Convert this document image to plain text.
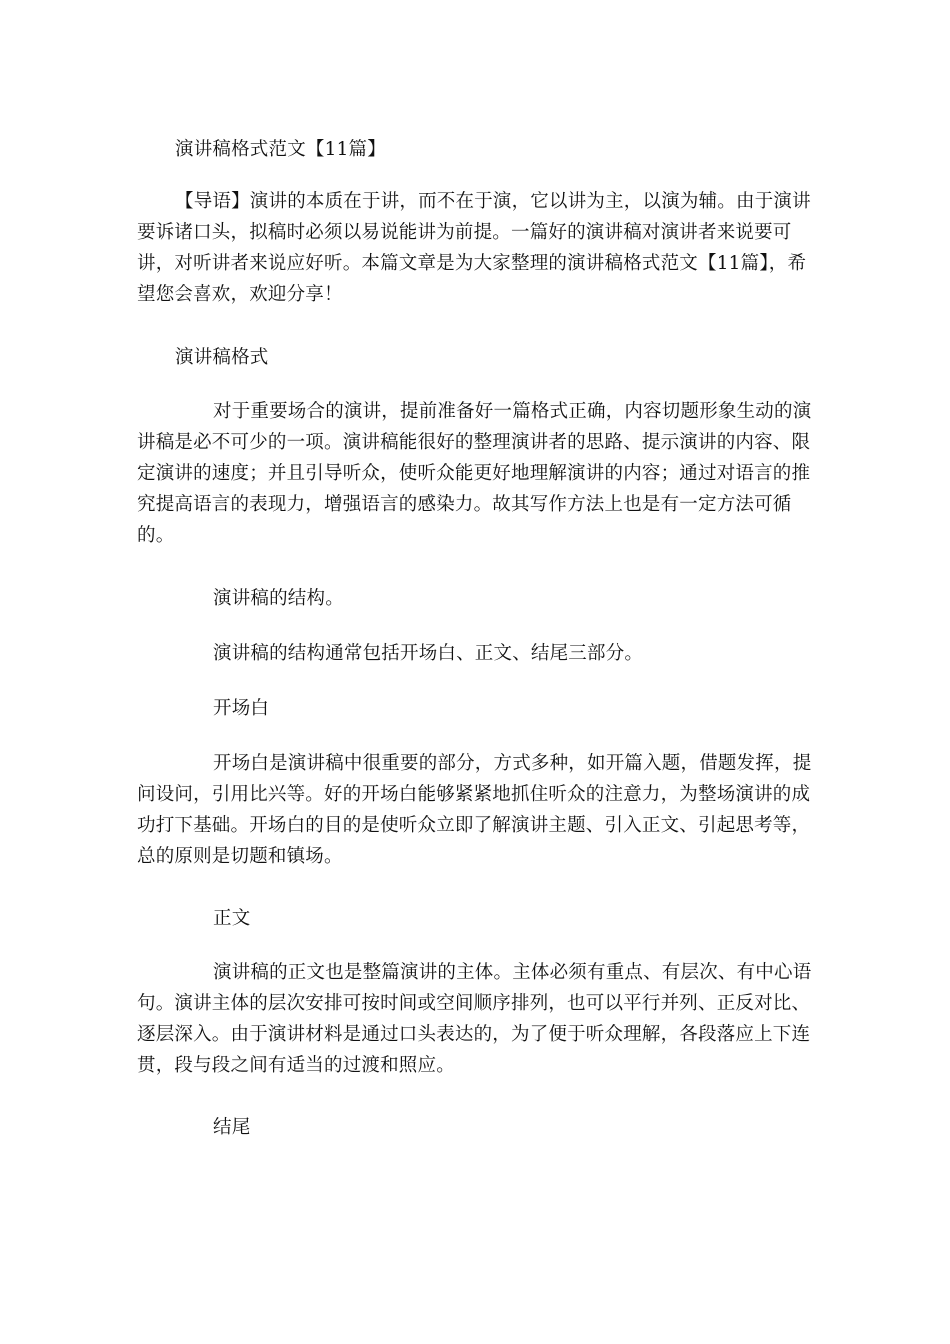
演讲稿格式范文【11篇】
【导语】演讲的本质在于讲，而不在于演，它以讲为主，以演为辅。由于演讲要诉诸口头，拟稿时必须以易说能讲为前提。一篇好的演讲稿对演讲者来说要可讲，对听讲者来说应好听。本篇文章是为大家整理的演讲稿格式范文【11篇】，希望您会喜欢，欢迎分享！
演讲稿格式
对于重要场合的演讲，提前准备好一篇格式正确，内容切题形象生动的演讲稿是必不可少的一项。演讲稿能很好的整理演讲者的思路、提示演讲的内容、限定演讲的速度；并且引导听众，使听众能更好地理解演讲的内容；通过对语言的推究提高语言的表现力，增强语言的感染力。故其写作方法上也是有一定方法可循的。
演讲稿的结构。
演讲稿的结构通常包括开场白、正文、结尾三部分。
开场白
开场白是演讲稿中很重要的部分，方式多种，如开篇入题，借题发挥，提问设问，引用比兴等。好的开场白能够紧紧地抓住听众的注意力，为整场演讲的成功打下基础。开场白的目的是使听众立即了解演讲主题、引入正文、引起思考等，总的原则是切题和镇场。
正文
演讲稿的正文也是整篇演讲的主体。主体必须有重点、有层次、有中心语句。演讲主体的层次安排可按时间或空间顺序排列，也可以平行并列、正反对比、逐层深入。由于演讲材料是通过口头表达的，为了便于听众理解，各段落应上下连贯，段与段之间有适当的过渡和照应。
结尾
